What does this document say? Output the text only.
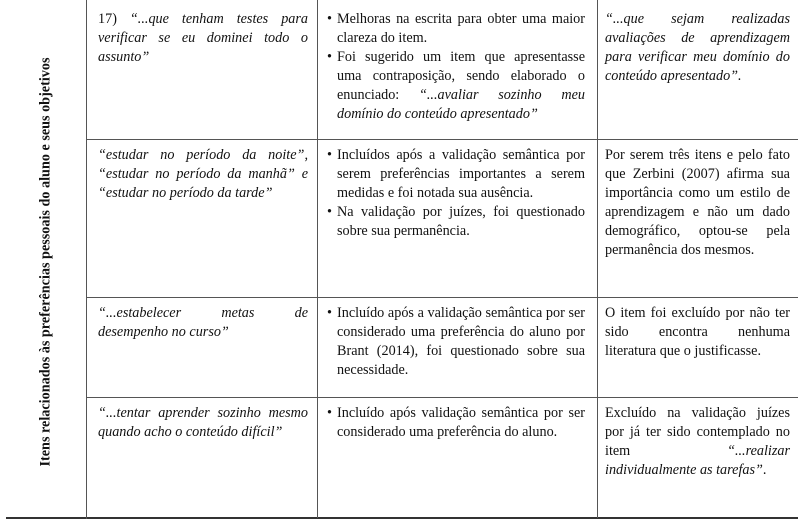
Itens relacionados às preferências pessoais do aluno e seus objetivos
17) “...que tenham testes para verificar se eu dominei todo o assunto”
• Melhoras na escrita para obter uma maior clareza do item.
• Foi sugerido um item que apresentasse uma contraposição, sendo elaborado o enunciado: “...avaliar sozinho meu domínio do conteúdo apresentado”
“...que sejam realizadas avaliações de aprendizagem para verificar meu domínio do conteúdo apresentado”.
“estudar no período da noite”, “estudar no período da manhã” e “estudar no período da tarde”
• Incluídos após a validação semântica por serem preferências importantes a serem medidas e foi notada sua ausência.
• Na validação por juízes, foi questionado sobre sua permanência.
Por serem três itens e pelo fato que Zerbini (2007) afirma sua importância como um estilo de aprendizagem e não um dado demográfico, optou-se pela permanência dos mesmos.
“...estabelecer metas de desempenho no curso”
• Incluído após a validação semântica por ser considerado uma preferência do aluno por Brant (2014), foi questionado sobre sua necessidade.
O item foi excluído por não ter sido encontra nenhuma literatura que o justificasse.
“...tentar aprender sozinho mesmo quando acho o conteúdo difícil”
• Incluído após validação semântica por ser considerado uma preferência do aluno.
Excluído na validação juízes por já ter sido contemplado no item	“...realizar individualmente as tarefas”.
